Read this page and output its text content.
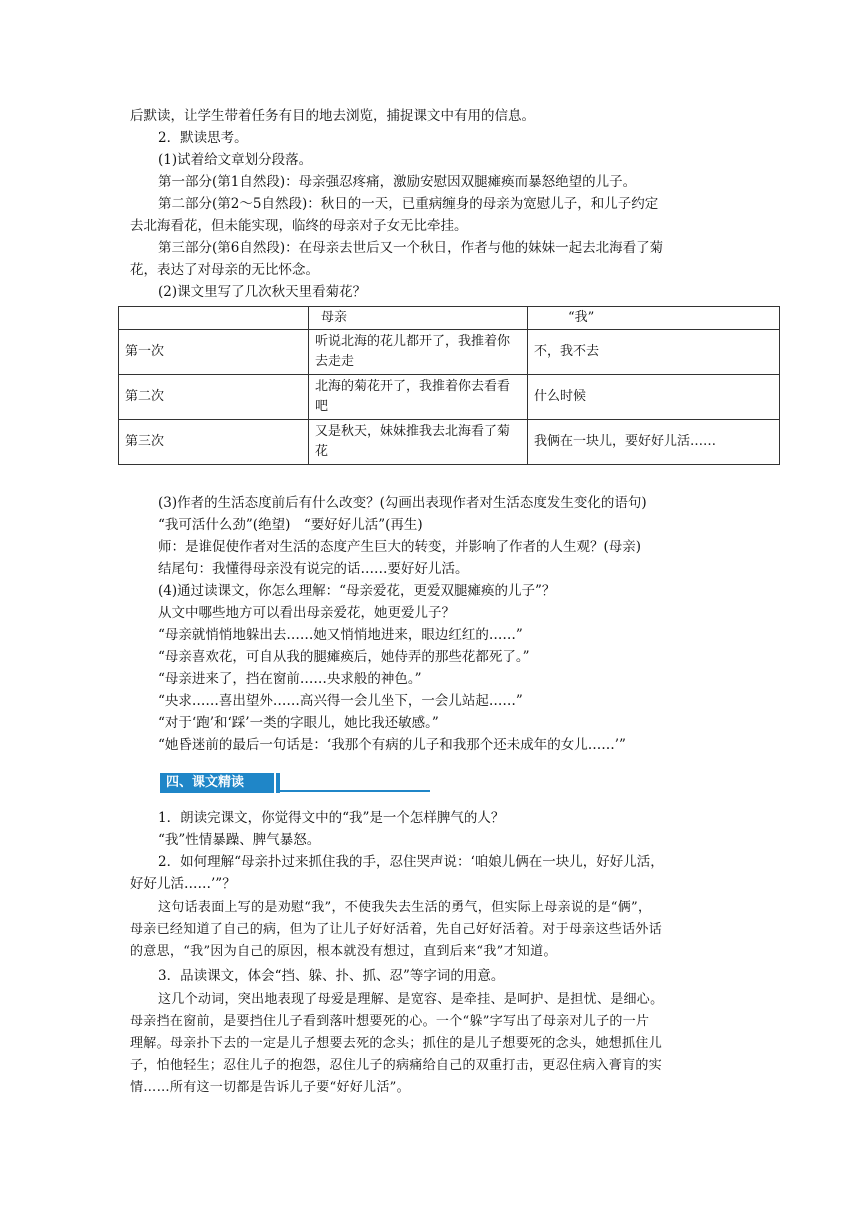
后默读，让学生带着任务有目的地去浏览，捕捉课文中有用的信息。
2．默读思考。
(1)试着给文章划分段落。
第一部分(第1自然段)：母亲强忍疼痛，激励安慰因双腿瘫痪而暴怒绝望的儿子。
第二部分(第2～5自然段)：秋日的一天，已重病缠身的母亲为宽慰儿子，和儿子约定
去北海看花，但未能实现，临终的母亲对子女无比牵挂。
第三部分(第6自然段)：在母亲去世后又一个秋日，作者与他的妹妹一起去北海看了菊
花，表达了对母亲的无比怀念。
(2)课文里写了几次秋天里看菊花？
	母亲	“我”
第一次	听说北海的花儿都开了，我推着你去走走	不，我不去
第二次	北海的菊花开了，我推着你去看看吧	什么时候
第三次	又是秋天，妹妹推我去北海看了菊花	我俩在一块儿，要好好儿活……
(3)作者的生活态度前后有什么改变？(勾画出表现作者对生活态度发生变化的语句)
“我可活什么劲”(绝望)　“要好好儿活”(再生)
师：是谁促使作者对生活的态度产生巨大的转变，并影响了作者的人生观？(母亲)
结尾句：我懂得母亲没有说完的话……要好好儿活。
(4)通过读课文，你怎么理解：“母亲爱花，更爱双腿瘫痪的儿子”？
从文中哪些地方可以看出母亲爱花，她更爱儿子？
“母亲就悄悄地躲出去……她又悄悄地进来，眼边红红的……”
“母亲喜欢花，可自从我的腿瘫痪后，她侍弄的那些花都死了。”
“母亲进来了，挡在窗前……央求般的神色。”
“央求……喜出望外……高兴得一会儿坐下，一会儿站起……”
“对于‘跑’和‘踩’一类的字眼儿，她比我还敏感。”
“她昏迷前的最后一句话是：‘我那个有病的儿子和我那个还未成年的女儿……’”
四、课文精读
1．朗读完课文，你觉得文中的“我”是一个怎样脾气的人？
“我”性情暴躁、脾气暴怒。
2．如何理解“母亲扑过来抓住我的手，忍住哭声说：‘咱娘儿俩在一块儿，好好儿活，
好好儿活……’”？
这句话表面上写的是劝慰“我”，不使我失去生活的勇气，但实际上母亲说的是“俩”，
母亲已经知道了自己的病，但为了让儿子好好活着，先自己好好活着。对于母亲这些话外话
的意思，“我”因为自己的原因，根本就没有想过，直到后来“我”才知道。
3．品读课文，体会“挡、躲、扑、抓、忍”等字词的用意。
这几个动词，突出地表现了母爱是理解、是宽容、是牵挂、是呵护、是担忧、是细心。
母亲挡在窗前，是要挡住儿子看到落叶想要死的心。一个“躲”字写出了母亲对儿子的一片
理解。母亲扑下去的一定是儿子想要去死的念头；抓住的是儿子想要死的念头，她想抓住儿
子，怕他轻生；忍住儿子的抱怨，忍住儿子的病痛给自己的双重打击，更忍住病入膏肓的实
情……所有这一切都是告诉儿子要“好好儿活”。
